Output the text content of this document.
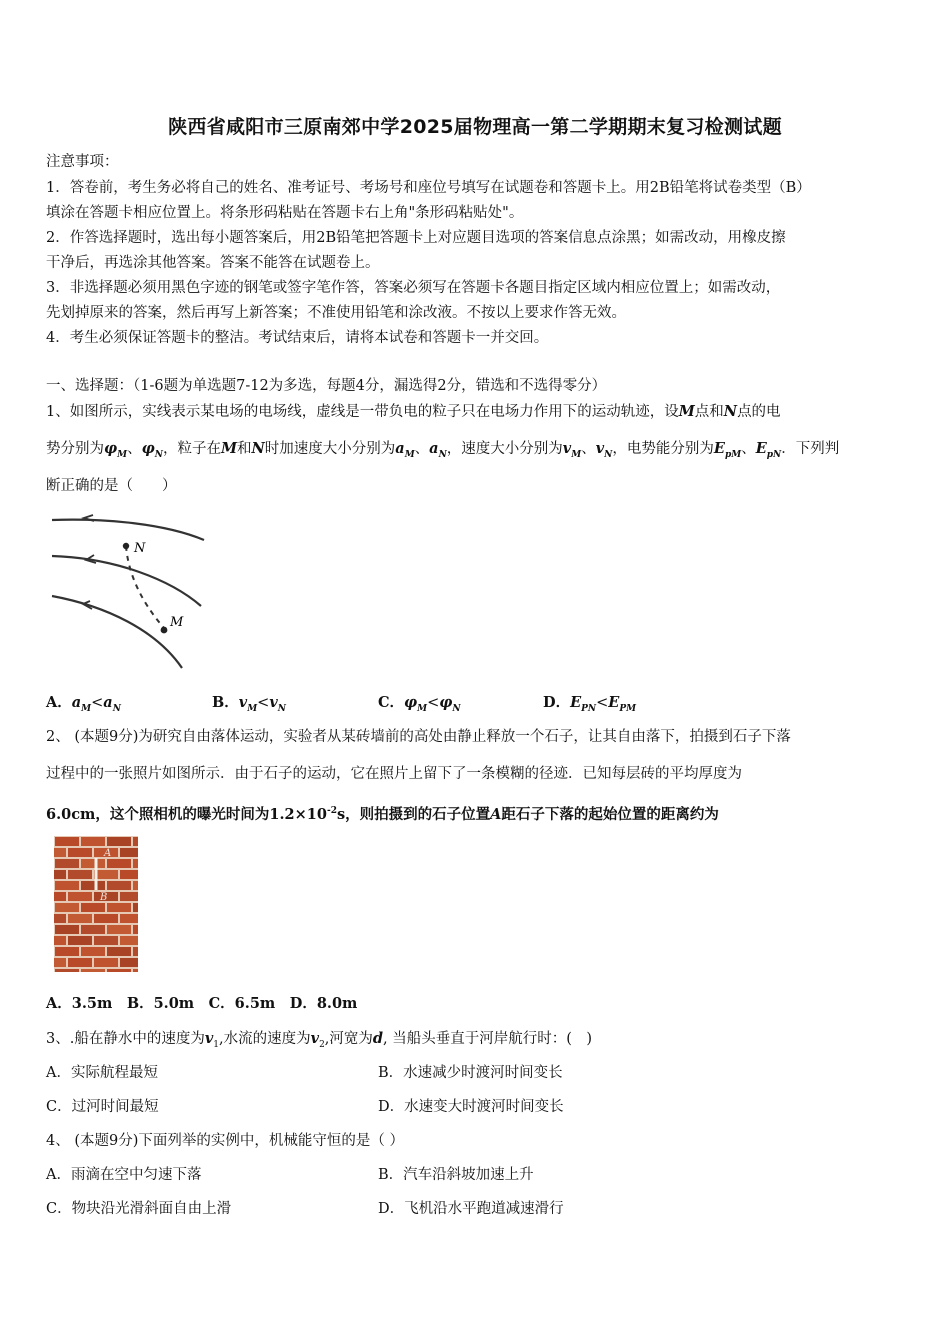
陕西省咸阳市三原南郊中学2025届物理高一第二学期期末复习检测试题
注意事项：
1．答卷前，考生务必将自己的姓名、准考证号、考场号和座位号填写在试题卷和答题卡上。用2B铅笔将试卷类型（B）
填涂在答题卡相应位置上。将条形码粘贴在答题卡右上角"条形码粘贴处"。
2．作答选择题时，选出每小题答案后，用2B铅笔把答题卡上对应题目选项的答案信息点涂黑；如需改动，用橡皮擦
干净后，再选涂其他答案。答案不能答在试题卷上。
3．非选择题必须用黑色字迹的钢笔或签字笔作答，答案必须写在答题卡各题目指定区域内相应位置上；如需改动，
先划掉原来的答案，然后再写上新答案；不准使用铅笔和涂改液。不按以上要求作答无效。
4．考生必须保证答题卡的整洁。考试结束后，请将本试卷和答题卡一并交回。
一、选择题：（1-6题为单选题7-12为多选，每题4分，漏选得2分，错选和不选得零分）
1、如图所示，实线表示某电场的电场线，虚线是一带负电的粒子只在电场力作用下的运动轨迹，设M点和N点的电
势分别为$\varphi_M$、$\varphi_N$，粒子在M和N时加速度大小分别为$a_M$、$a_N$，速度大小分别为$v_M$、$v_N$，电势能分别为$E_{pM}$、$E_{pN}$．下列判
断正确的是（　　）
N
M
A．$a_M<a_N$	B．$v_M<v_N$	C．$\varphi_M<\varphi_N$	D．$E_{PN}<E_{PM}$
2、 (本题9分)为研究自由落体运动，实验者从某砖墙前的高处由静止释放一个石子，让其自由落下，拍摄到石子下落
过程中的一张照片如图所示．由于石子的运动，它在照片上留下了一条模糊的径迹．已知每层砖的平均厚度为
6.0cm，这个照相机的曝光时间为$1.2\times 10^{-2}s$，则拍摄到的石子位置A距石子下落的起始位置的距离约为
A
B
A．3.5m　B．5.0m　C．6.5m　D．8.0m
3、.船在静水中的速度为$v_1$,水流的速度为$v_2$,河宽为d, 当船头垂直于河岸航行时：(　)
A．实际航程最短	B．水速减少时渡河时间变长
C．过河时间最短	D．水速变大时渡河时间变长
4、 (本题9分)下面列举的实例中，机械能守恒的是（ ）
A．雨滴在空中匀速下落	B．汽车沿斜坡加速上升
C．物块沿光滑斜面自由上滑	D．飞机沿水平跑道减速滑行
